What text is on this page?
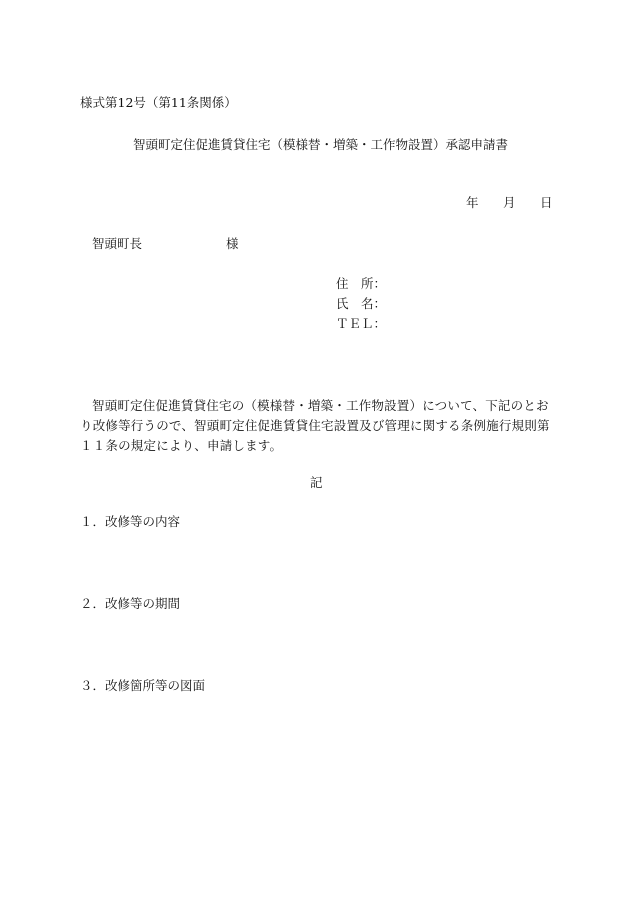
様式第12号（第11条関係）
智頭町定住促進賃貸住宅（模様替・増築・工作物設置）承認申請書
年 月 日
智頭町長	様
住　所：
氏　名：
ＴＥＬ：
智頭町定住促進賃貸住宅の（模様替・増築・工作物設置）について、下記のとおり改修等行うので、智頭町定住促進賃貸住宅設置及び管理に関する条例施行規則第１１条の規定により、申請します。
記
１．改修等の内容
２．改修等の期間
３．改修箇所等の図面
